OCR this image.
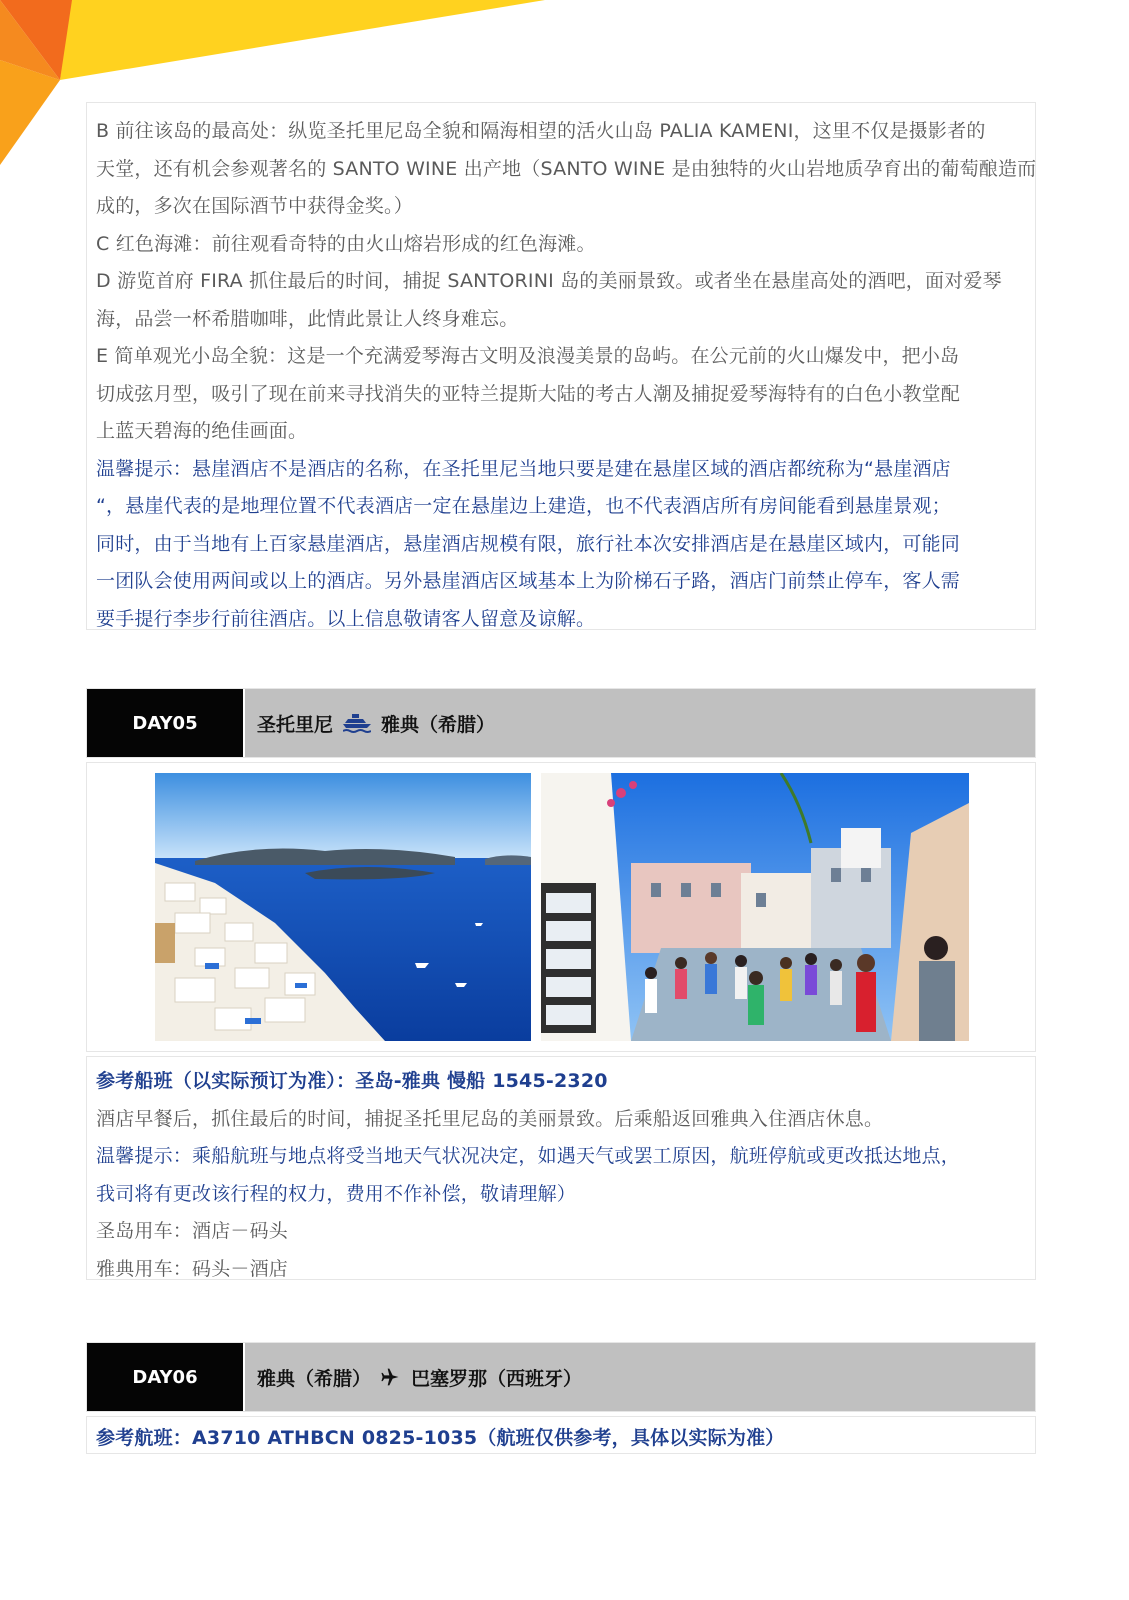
B 前往该岛的最高处：纵览圣托里尼岛全貌和隔海相望的活火山岛 PALIA KAMENI，这里不仅是摄影者的
天堂，还有机会参观著名的 SANTO WINE 出产地（SANTO WINE 是由独特的火山岩地质孕育出的葡萄酿造而
成的，多次在国际酒节中获得金奖。）
C 红色海滩：前往观看奇特的由火山熔岩形成的红色海滩。
D 游览首府 FIRA 抓住最后的时间，捕捉 SANTORINI 岛的美丽景致。或者坐在悬崖高处的酒吧，面对爱琴
海，品尝一杯希腊咖啡，此情此景让人终身难忘。
E 简单观光小岛全貌：这是一个充满爱琴海古文明及浪漫美景的岛屿。在公元前的火山爆发中，把小岛
切成弦月型，吸引了现在前来寻找消失的亚特兰提斯大陆的考古人潮及捕捉爱琴海特有的白色小教堂配
上蓝天碧海的绝佳画面。
温馨提示：悬崖酒店不是酒店的名称，在圣托里尼当地只要是建在悬崖区域的酒店都统称为“悬崖酒店
“，悬崖代表的是地理位置不代表酒店一定在悬崖边上建造，也不代表酒店所有房间能看到悬崖景观；
同时，由于当地有上百家悬崖酒店，悬崖酒店规模有限，旅行社本次安排酒店是在悬崖区域内，可能同
一团队会使用两间或以上的酒店。另外悬崖酒店区域基本上为阶梯石子路，酒店门前禁止停车，客人需
要手提行李步行前往酒店。以上信息敬请客人留意及谅解。
DAY05	圣托里尼	雅典（希腊）
参考船班（以实际预订为准）：圣岛-雅典 慢船 1545-2320
酒店早餐后，抓住最后的时间，捕捉圣托里尼岛的美丽景致。后乘船返回雅典入住酒店休息。
温馨提示：乘船航班与地点将受当地天气状况决定，如遇天气或罢工原因，航班停航或更改抵达地点，
我司将有更改该行程的权力，费用不作补偿，敬请理解）
圣岛用车：酒店－码头
雅典用车：码头－酒店
DAY06	雅典（希腊） 巴塞罗那（西班牙）
参考航班：A3710 ATHBCN 0825-1035（航班仅供参考，具体以实际为准）
